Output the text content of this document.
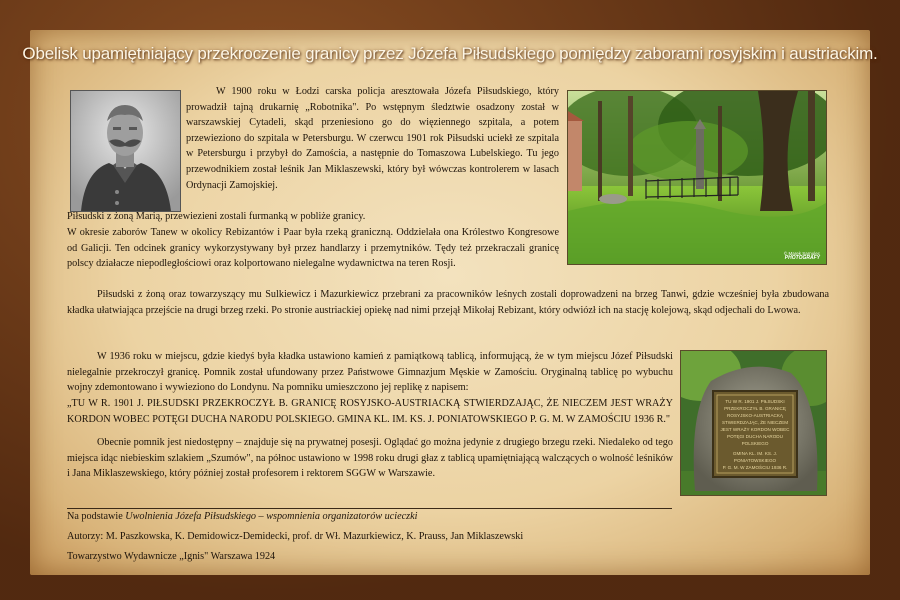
Obelisk upamiętniający przekroczenie granicy przez Józefa Piłsudskiego pomiędzy zaborami rosyjskim i austriackim.
© Marek Sarnulec
PHOTOGRAFY
TU W R. 1901 J. PIŁSUDSKI
PRZEKROCZYŁ B. GRANICĘ
ROSYJSKO-AUSTRIACKĄ
STWIERDZAJĄC, ŻE NIECZEM
JEST WRAŻY KORDON WOBEC
POTĘGI DUCHA NARODU
POLSKIEGO
GMINA KL. IM. KS. J. PONIATOWSKIEGO
P. G. M. W ZAMOŚCIU 1936 R.

W 1900 roku w Łodzi carska policja aresztowała Józefa Piłsudskiego, który prowadził tajną drukarnię „Robotnika". Po wstępnym śledztwie osadzony został w warszawskiej Cytadeli, skąd przeniesiono go do więziennego szpitala, a potem przewieziono do szpitala w Petersburgu. W czerwcu 1901 rok Piłsudski uciekł ze szpitala w Petersburgu i przybył do Zamościa, a następnie do Tomaszowa Lubelskiego. Tu jego przewodnikiem został leśnik Jan Miklaszewski, który był wówczas kontrolerem w lasach Ordynacji Zamojskiej.

Piłsudski z żoną Marią, przewiezieni zostali furmanką w pobliże granicy.

W okresie zaborów Tanew w okolicy Rebizantów i Paar była rzeką graniczną. Oddzielała ona Królestwo Kongresowe od Galicji. Ten odcinek granicy wykorzystywany był przez handlarzy i przemytników. Tędy też przekraczali granicę polscy działacze niepodległościowi oraz kolportowano nielegalne wydawnictwa na teren Rosji.

Piłsudski z żoną oraz towarzyszący mu Sulkiewicz i Mazurkiewicz przebrani za pracowników leśnych zostali doprowadzeni na brzeg Tanwi, gdzie wcześniej była zbudowana kładka ułatwiająca przejście na drugi brzeg rzeki. Po stronie austriackiej opiekę nad nimi przejął Mikołaj Rebizant, który odwiózł ich na stację kolejową, skąd odjechali do Lwowa.

W 1936 roku w miejscu, gdzie kiedyś była kładka ustawiono kamień z pamiątkową tablicą, informującą, że w tym miejscu Józef Piłsudski nielegalnie przekroczył granicę. Pomnik został ufundowany przez Państwowe Gimnazjum Męskie w Zamościu. Oryginalną tablicę po wybuchu wojny zdemontowano i wywieziono do Londynu. Na pomniku umieszczono jej replikę z napisem:

„TU W R. 1901 J. PIŁSUDSKI PRZEKROCZYŁ B. GRANICĘ ROSYJSKO-AUSTRIACKĄ STWIERDZAJĄC, ŻE NIECZEM JEST WRAŻY KORDON WOBEC POTĘGI DUCHA NARODU POLSKIEGO. GMINA KL. IM. KS. J. PONIATOWSKIEGO P. G. M. W ZAMOŚCIU 1936 R."

Obecnie pomnik jest niedostępny – znajduje się na prywatnej posesji. Oglądać go można jedynie z drugiego brzegu rzeki. Niedaleko od tego miejsca idąc niebieskim szlakiem „Szumów", na północ ustawiono w 1998 roku drugi głaz z tablicą upamiętniającą walczących o wolność leśników i Jana Miklaszewskiego, który później został profesorem i rektorem SGGW w Warszawie.

Na podstawie Uwolnienia Józefa Piłsudskiego – wspomnienia organizatorów ucieczki
Autorzy: M. Paszkowska, K. Demidowicz-Demidecki, prof. dr Wł. Mazurkiewicz, K. Prauss, Jan Miklaszewski
Towarzystwo Wydawnicze „Ignis" Warszawa 1924
